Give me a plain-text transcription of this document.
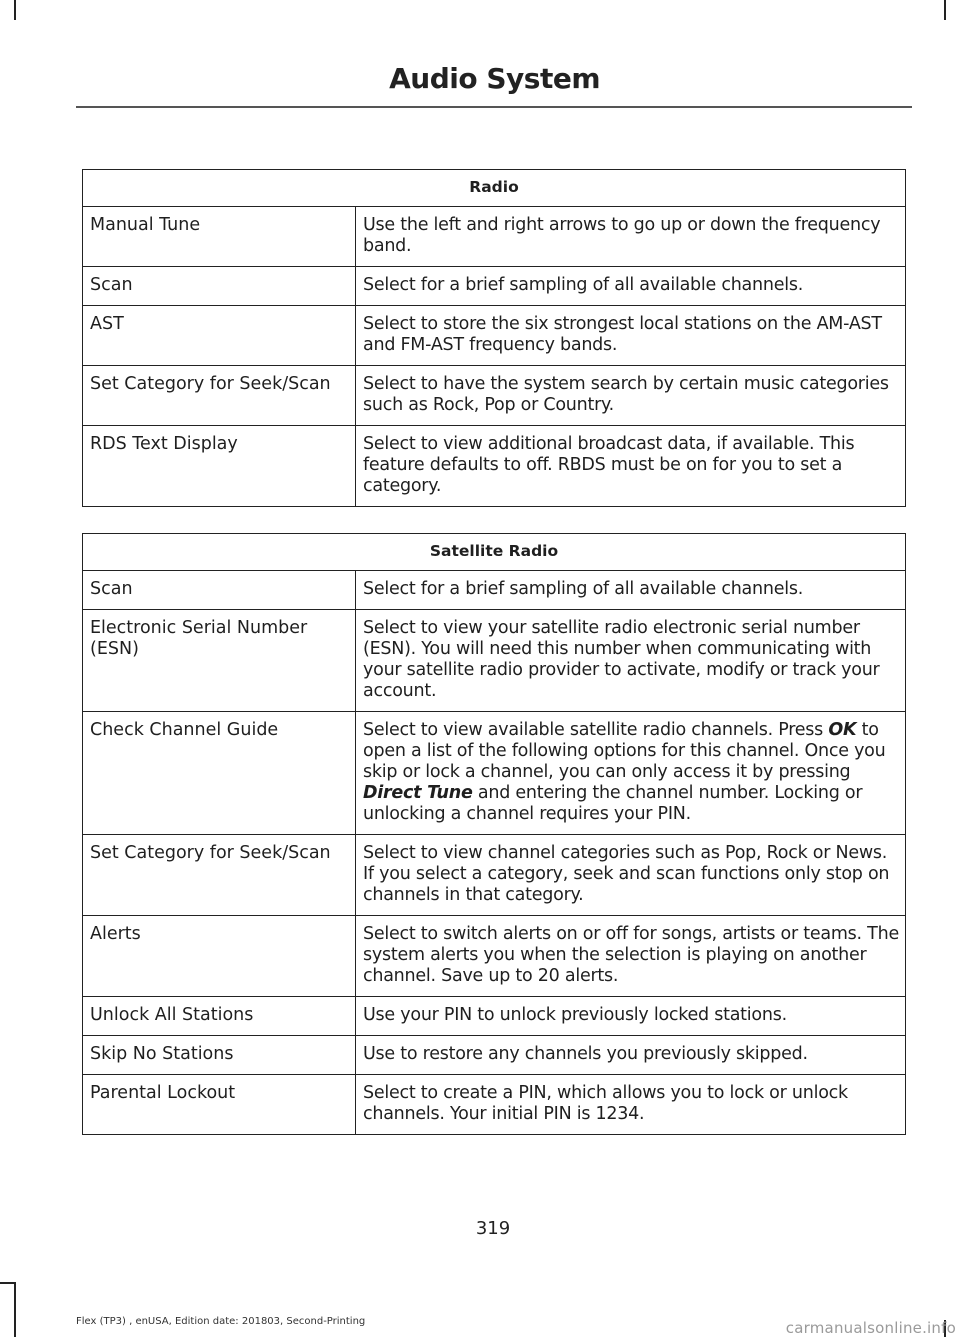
Audio System
Radio	
Manual Tune	Use the left and right arrows to go up or down the frequency band.
Scan	Select for a brief sampling of all available channels.
AST	Select to store the six strongest local stations on the AM-AST and FM-AST frequency bands.
Set Category for Seek/Scan	Select to have the system search by certain music categories such as Rock, Pop or Country.
RDS Text Display	Select to view additional broadcast data, if available. This feature defaults to off. RBDS must be on for you to set a category.
Satellite Radio	
Scan	Select for a brief sampling of all available channels.
Electronic Serial Number (ESN)	Select to view your satellite radio electronic serial number (ESN). You will need this number when communicating with your satellite radio provider to activate, modify or track your account.
Check Channel Guide	Select to view available satellite radio channels. Press OK to open a list of the following options for this channel. Once you skip or lock a channel, you can only access it by pressing Direct Tune and entering the channel number. Locking or unlocking a channel requires your PIN.
Set Category for Seek/Scan	Select to view channel categories such as Pop, Rock or News. If you select a category, seek and scan functions only stop on channels in that category.
Alerts	Select to switch alerts on or off for songs, artists or teams. The system alerts you when the selection is playing on another channel. Save up to 20 alerts.
Unlock All Stations	Use your PIN to unlock previously locked stations.
Skip No Stations	Use to restore any channels you previously skipped.
Parental Lockout	Select to create a PIN, which allows you to lock or unlock channels. Your initial PIN is 1234.
319
Flex (TP3) , enUSA, Edition date: 201803, Second-Printing	carmanualsonline.info
